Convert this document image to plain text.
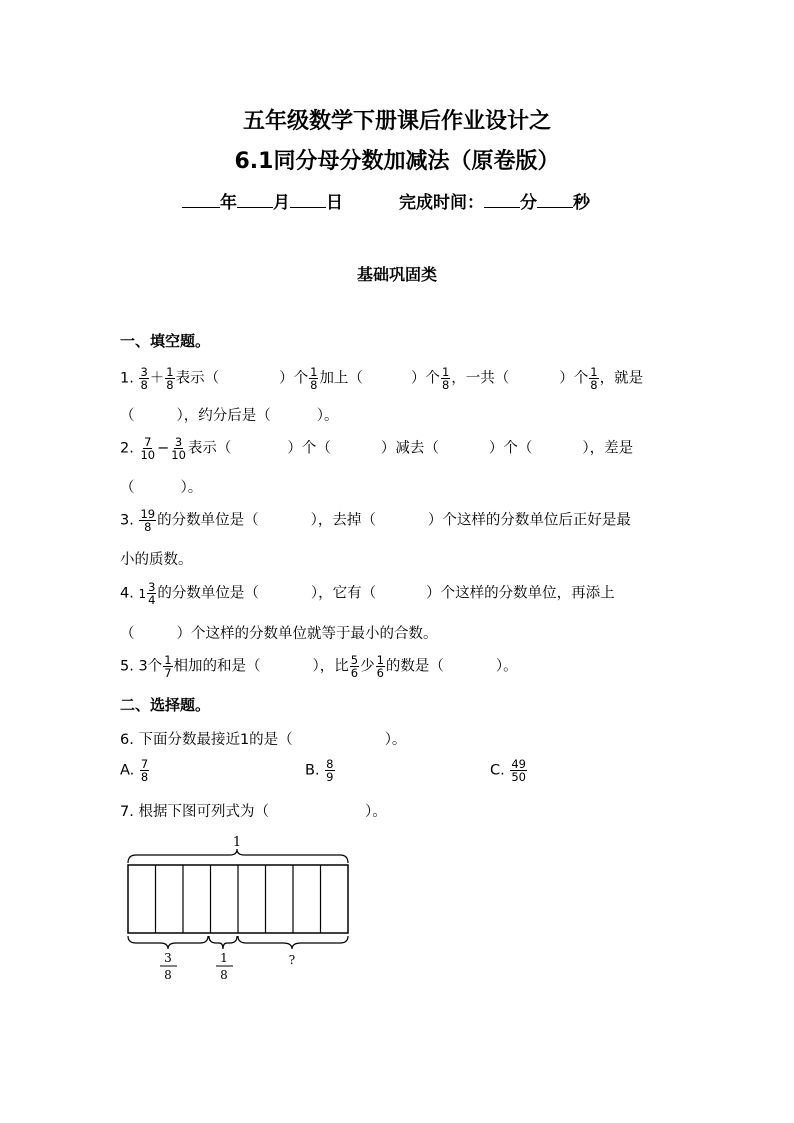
五年级数学下册课后作业设计之
6.1同分母分数加减法（原卷版）
年 月 日	完成时间： 分 秒
基础巩固类
一、填空题。
1. $\frac{3}{8} + \frac{1}{8}$ 表示（	）个 $\frac{1}{8}$ 加上（	）个 $\frac{1}{8}$ ，一共（	）个 $\frac{1}{8}$ ，就是
（	），约分后是（	）。
2. $\frac{7}{10} - \frac{3}{10}$ 表示（	）个（	）减去（	）个（	），差是
（	）。
3. $\frac{19}{8}$ 的分数单位是（	），去掉（	）个这样的分数单位后正好是最
小的质数。
4. $1 \frac{3}{4}$ 的分数单位是（	），它有（	）个这样的分数单位，再添上
（	）个这样的分数单位就等于最小的合数。
5. 3个 $\frac{1}{7}$ 相加的和是（	），比 $\frac{5}{6}$ 少 $\frac{1}{6}$ 的数是（	）。
二、选择题。
6. 下面分数最接近1的是（	）。
A. $\frac{7}{8}$	B. $\frac{8}{9}$	C. $\frac{49}{50}$
7. 根据下图可列式为（	）。
1
3
8
1
8
?
